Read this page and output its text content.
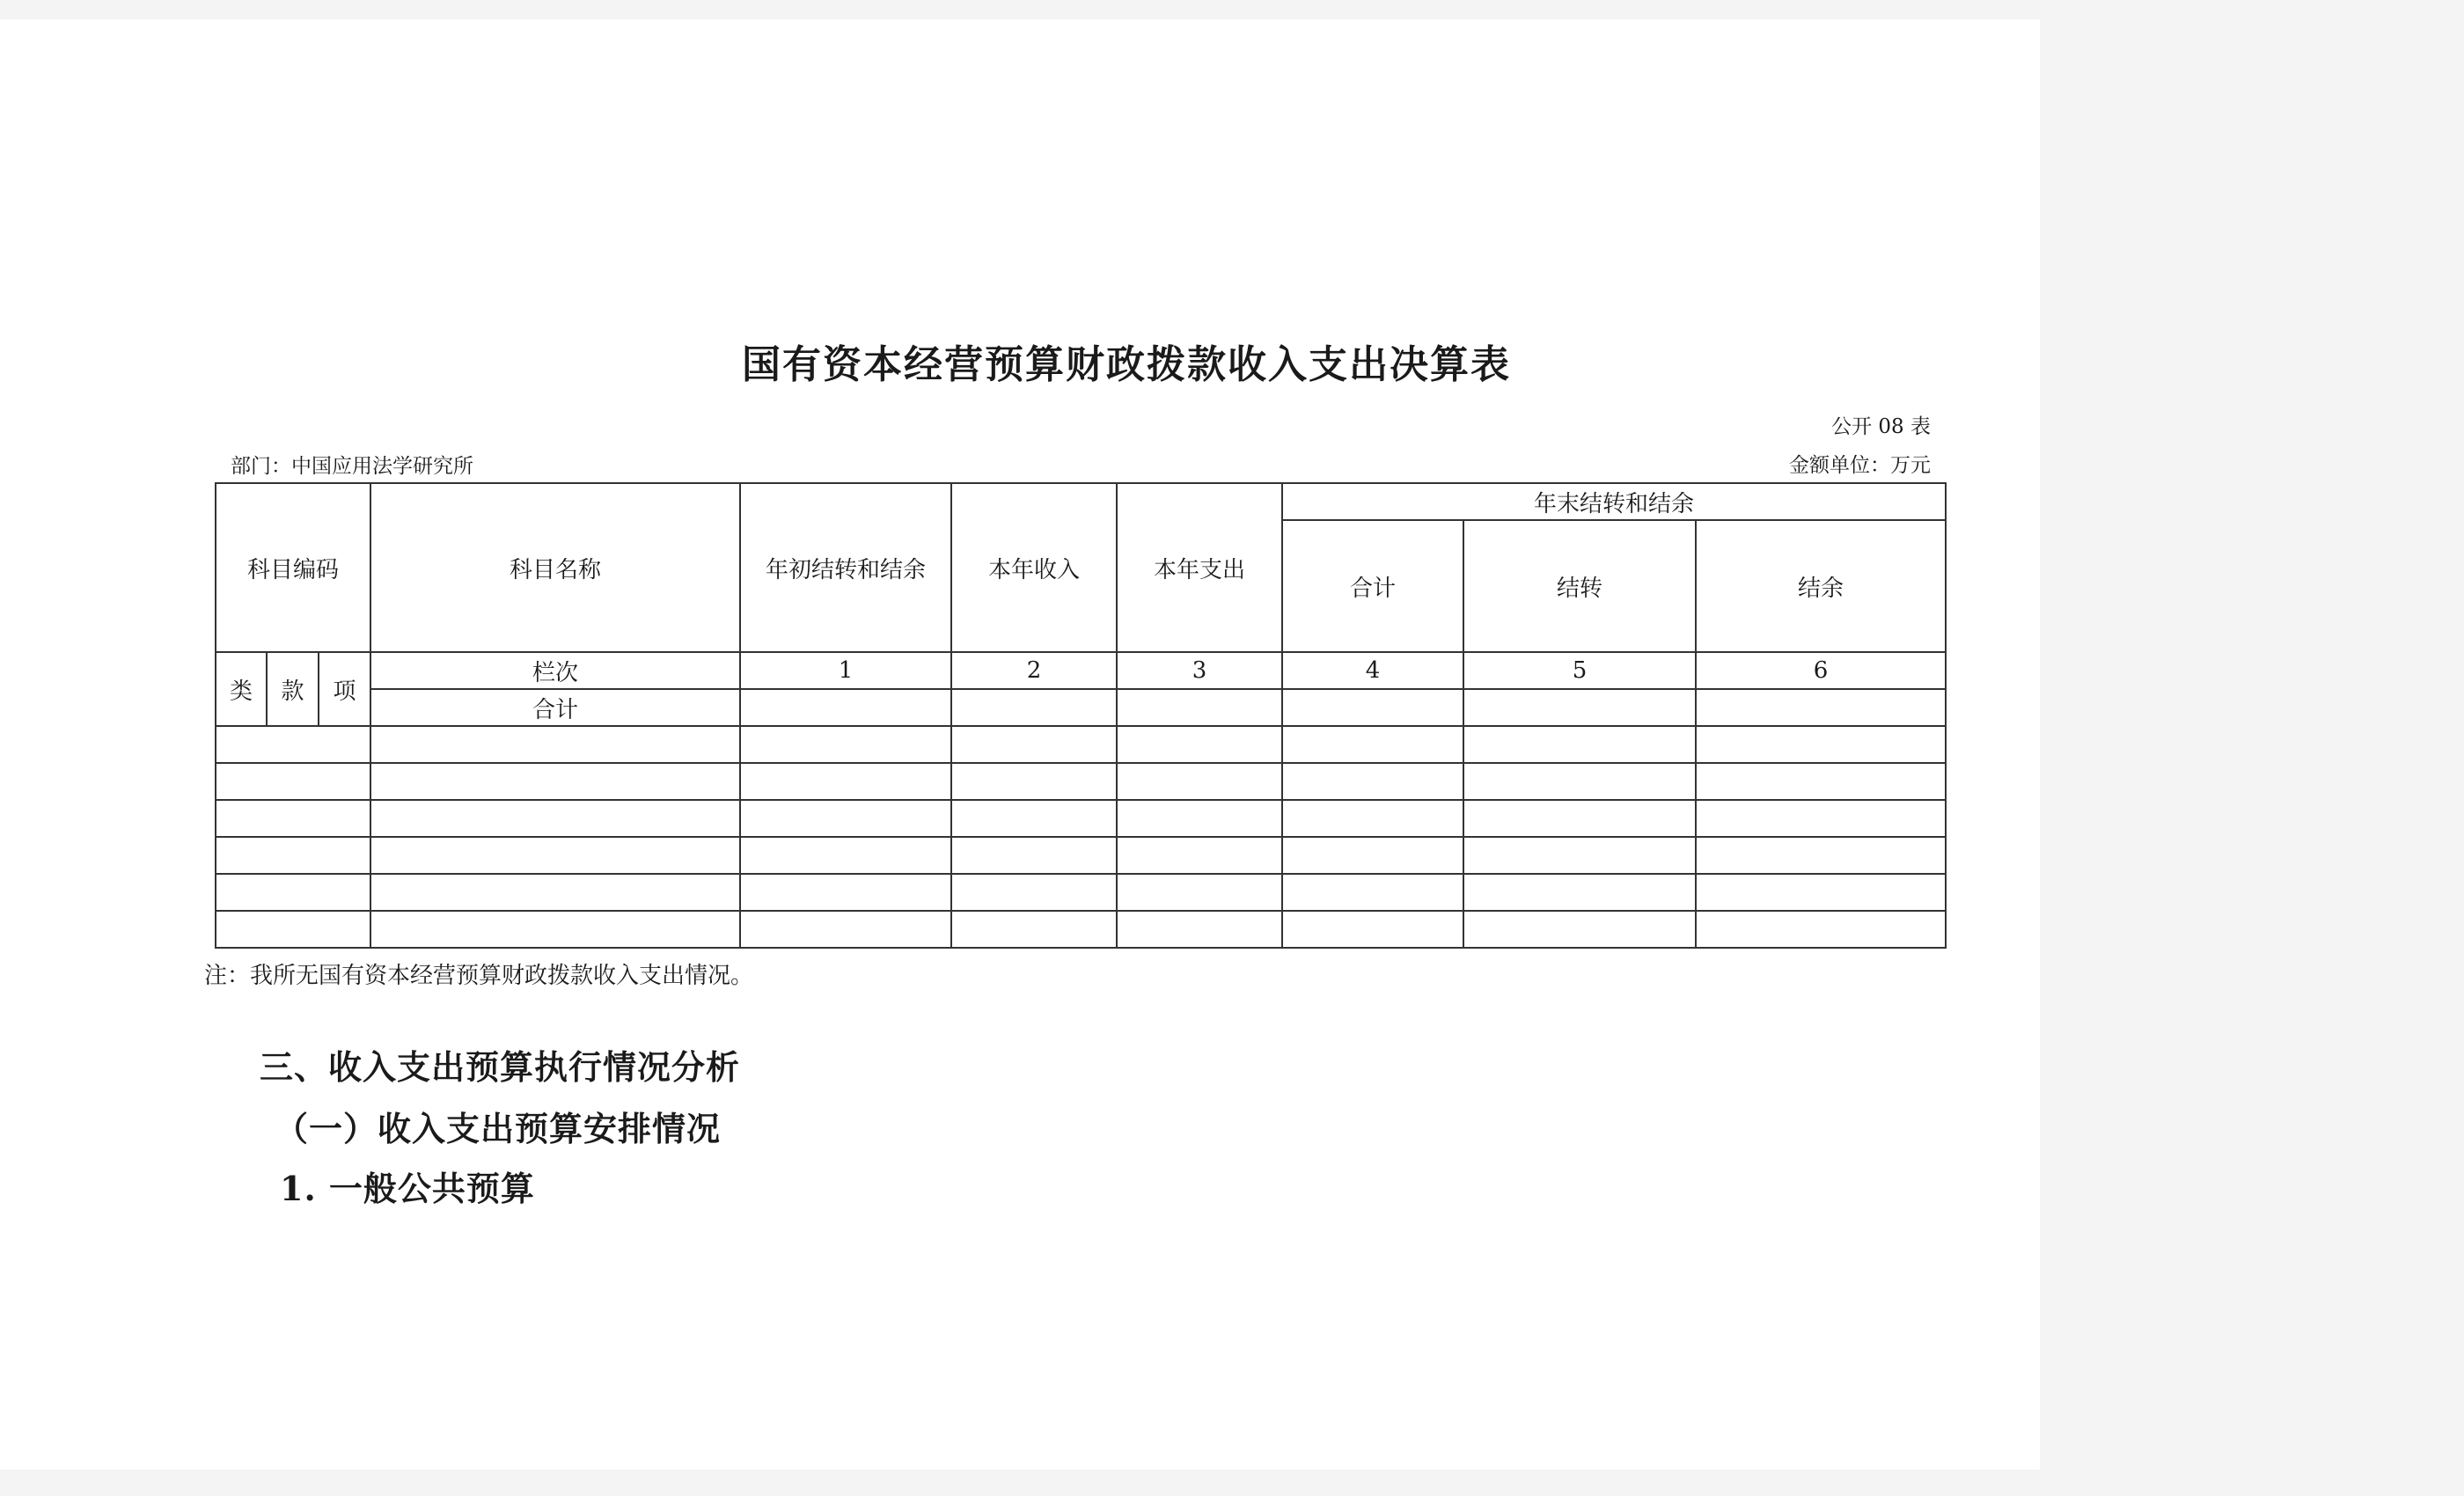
国有资本经营预算财政拨款收入支出决算表
公开 08 表
部门：中国应用法学研究所	金额单位：万元
科目编码			科目名称	年初结转和结余	本年收入	本年支出	年末结转和结余		
							合计	结转	结余
类	款	项	栏次	1	2	3	4	5	6
			合计						

注：我所无国有资本经营预算财政拨款收入支出情况。
三、收入支出预算执行情况分析
（一）收入支出预算安排情况
1. 一般公共预算
